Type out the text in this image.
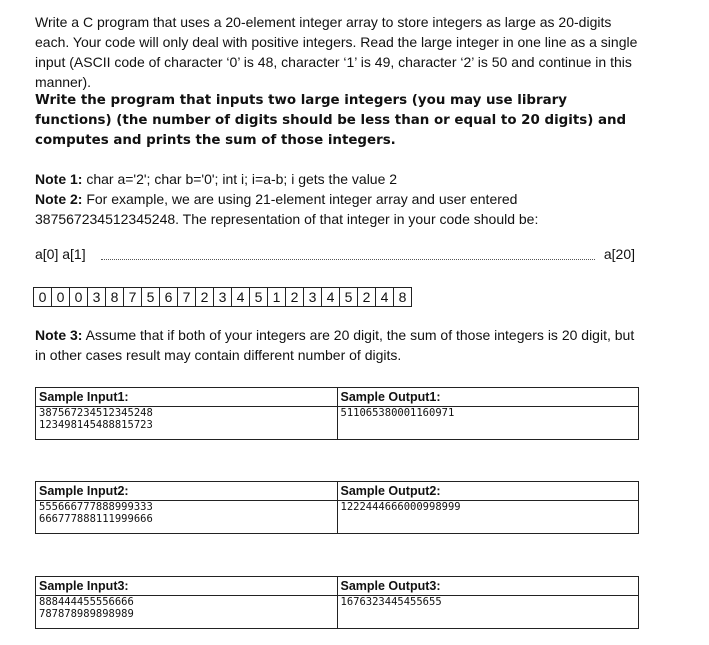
Write a C program that uses a 20-element integer array to store integers as large as 20-digits each. Your code will only deal with positive integers. Read the large integer in one line as a single input (ASCII code of character ‘0’ is 48, character ‘1’ is 49, character ‘2’ is 50 and continue in this manner).
Write the program that inputs two large integers (you may use library functions) (the number of digits should be less than or equal to 20 digits) and computes and prints the sum of those integers.
Note 1: char a='2'; char b='0'; int i; i=a-b; i gets the value 2
Note 2: For example, we are using 21-element integer array and user entered 387567234512345248. The representation of that integer in your code should be:
a[0] a[1]	a[20]
0 0 0 3 8 7 5 6 7 2 3 4 5 1 2 3 4 5 2 4 8
Note 3: Assume that if both of your integers are 20 digit, the sum of those integers is 20 digit, but in other cases result may contain different number of digits.
Sample Input1:	Sample Output1:

387567234512345248
123498145488815723	511065380001160971
Sample Input2:	Sample Output2:

555666777888999333
666777888111999666	1222444666000998999
Sample Input3:	Sample Output3:

888444455556666
787878989898989	1676323445455655
